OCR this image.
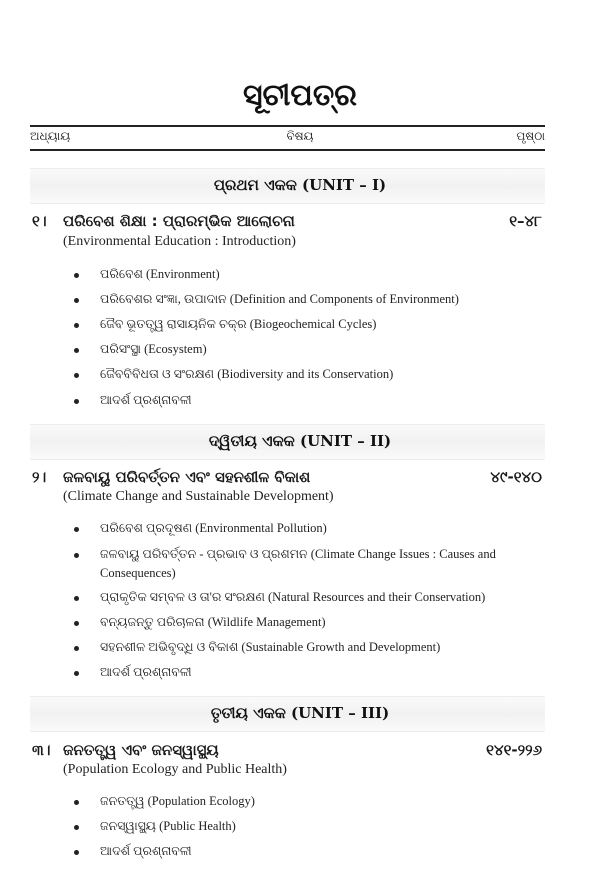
ସୂଚୀପତ୍ର
ଅଧ୍ୟାୟ	ବିଷୟ	ପୃଷ୍ଠା
ପ୍ରଥମ ଏକକ (UNIT – I)
୧। ପରିବେଶ ଶିକ୍ଷା : ପ୍ରାରମ୍ଭିକ ଆଲୋଚନା	୧–୪୮
(Environmental Education : Introduction)
ପରିବେଶ (Environment)
ପରିବେଶର ସଂଜ୍ଞା, ଉପାଦାନ (Definition and Components of Environment)
ଜୈବ ଭୂତତ୍ତ୍ୱ ରାସାୟନିକ ଚକ୍ର (Biogeochemical Cycles)
ପରିସଂସ୍ଥା (Ecosystem)
ଜୈବବିବିଧତା ଓ ସଂରକ୍ଷଣ (Biodiversity and its Conservation)
ଆଦର୍ଶ ପ୍ରଶ୍ନାବଳୀ
ଦ୍ୱିତୀୟ ଏକକ (UNIT – II)
୨। ଜଳବାୟୁ ପରିବର୍ତ୍ତନ ଏବଂ ସହନଶୀଳ ବିକାଶ	୪୯-୧୪୦
(Climate Change and Sustainable Development)
ପରିବେଶ ପ୍ରଦୂଷଣ (Environmental Pollution)
ଜଳବାୟୁ ପରିବର୍ତ୍ତନ - ପ୍ରଭାବ ଓ ପ୍ରଶମନ (Climate Change Issues : Causes and Consequences)
ପ୍ରାକୃତିକ ସମ୍ବଳ ଓ ତା'ର ସଂରକ୍ଷଣ (Natural Resources and their Conservation)
ବନ୍ୟଜନ୍ତୁ ପରିଚାଳନା (Wildlife Management)
ସହନଶୀଳ ଅଭିବୃଦ୍ଧି ଓ ବିକାଶ (Sustainable Growth and Development)
ଆଦର୍ଶ ପ୍ରଶ୍ନାବଳୀ
ତୃତୀୟ ଏକକ (UNIT – III)
୩। ଜନତତ୍ତ୍ୱ ଏବଂ ଜନସ୍ୱାସ୍ଥ୍ୟ	୧୪୧-୨୨୬
(Population Ecology and Public Health)
ଜନତତ୍ତ୍ୱ (Population Ecology)
ଜନସ୍ୱାସ୍ଥ୍ୟ (Public Health)
ଆଦର୍ଶ ପ୍ରଶ୍ନାବଳୀ
